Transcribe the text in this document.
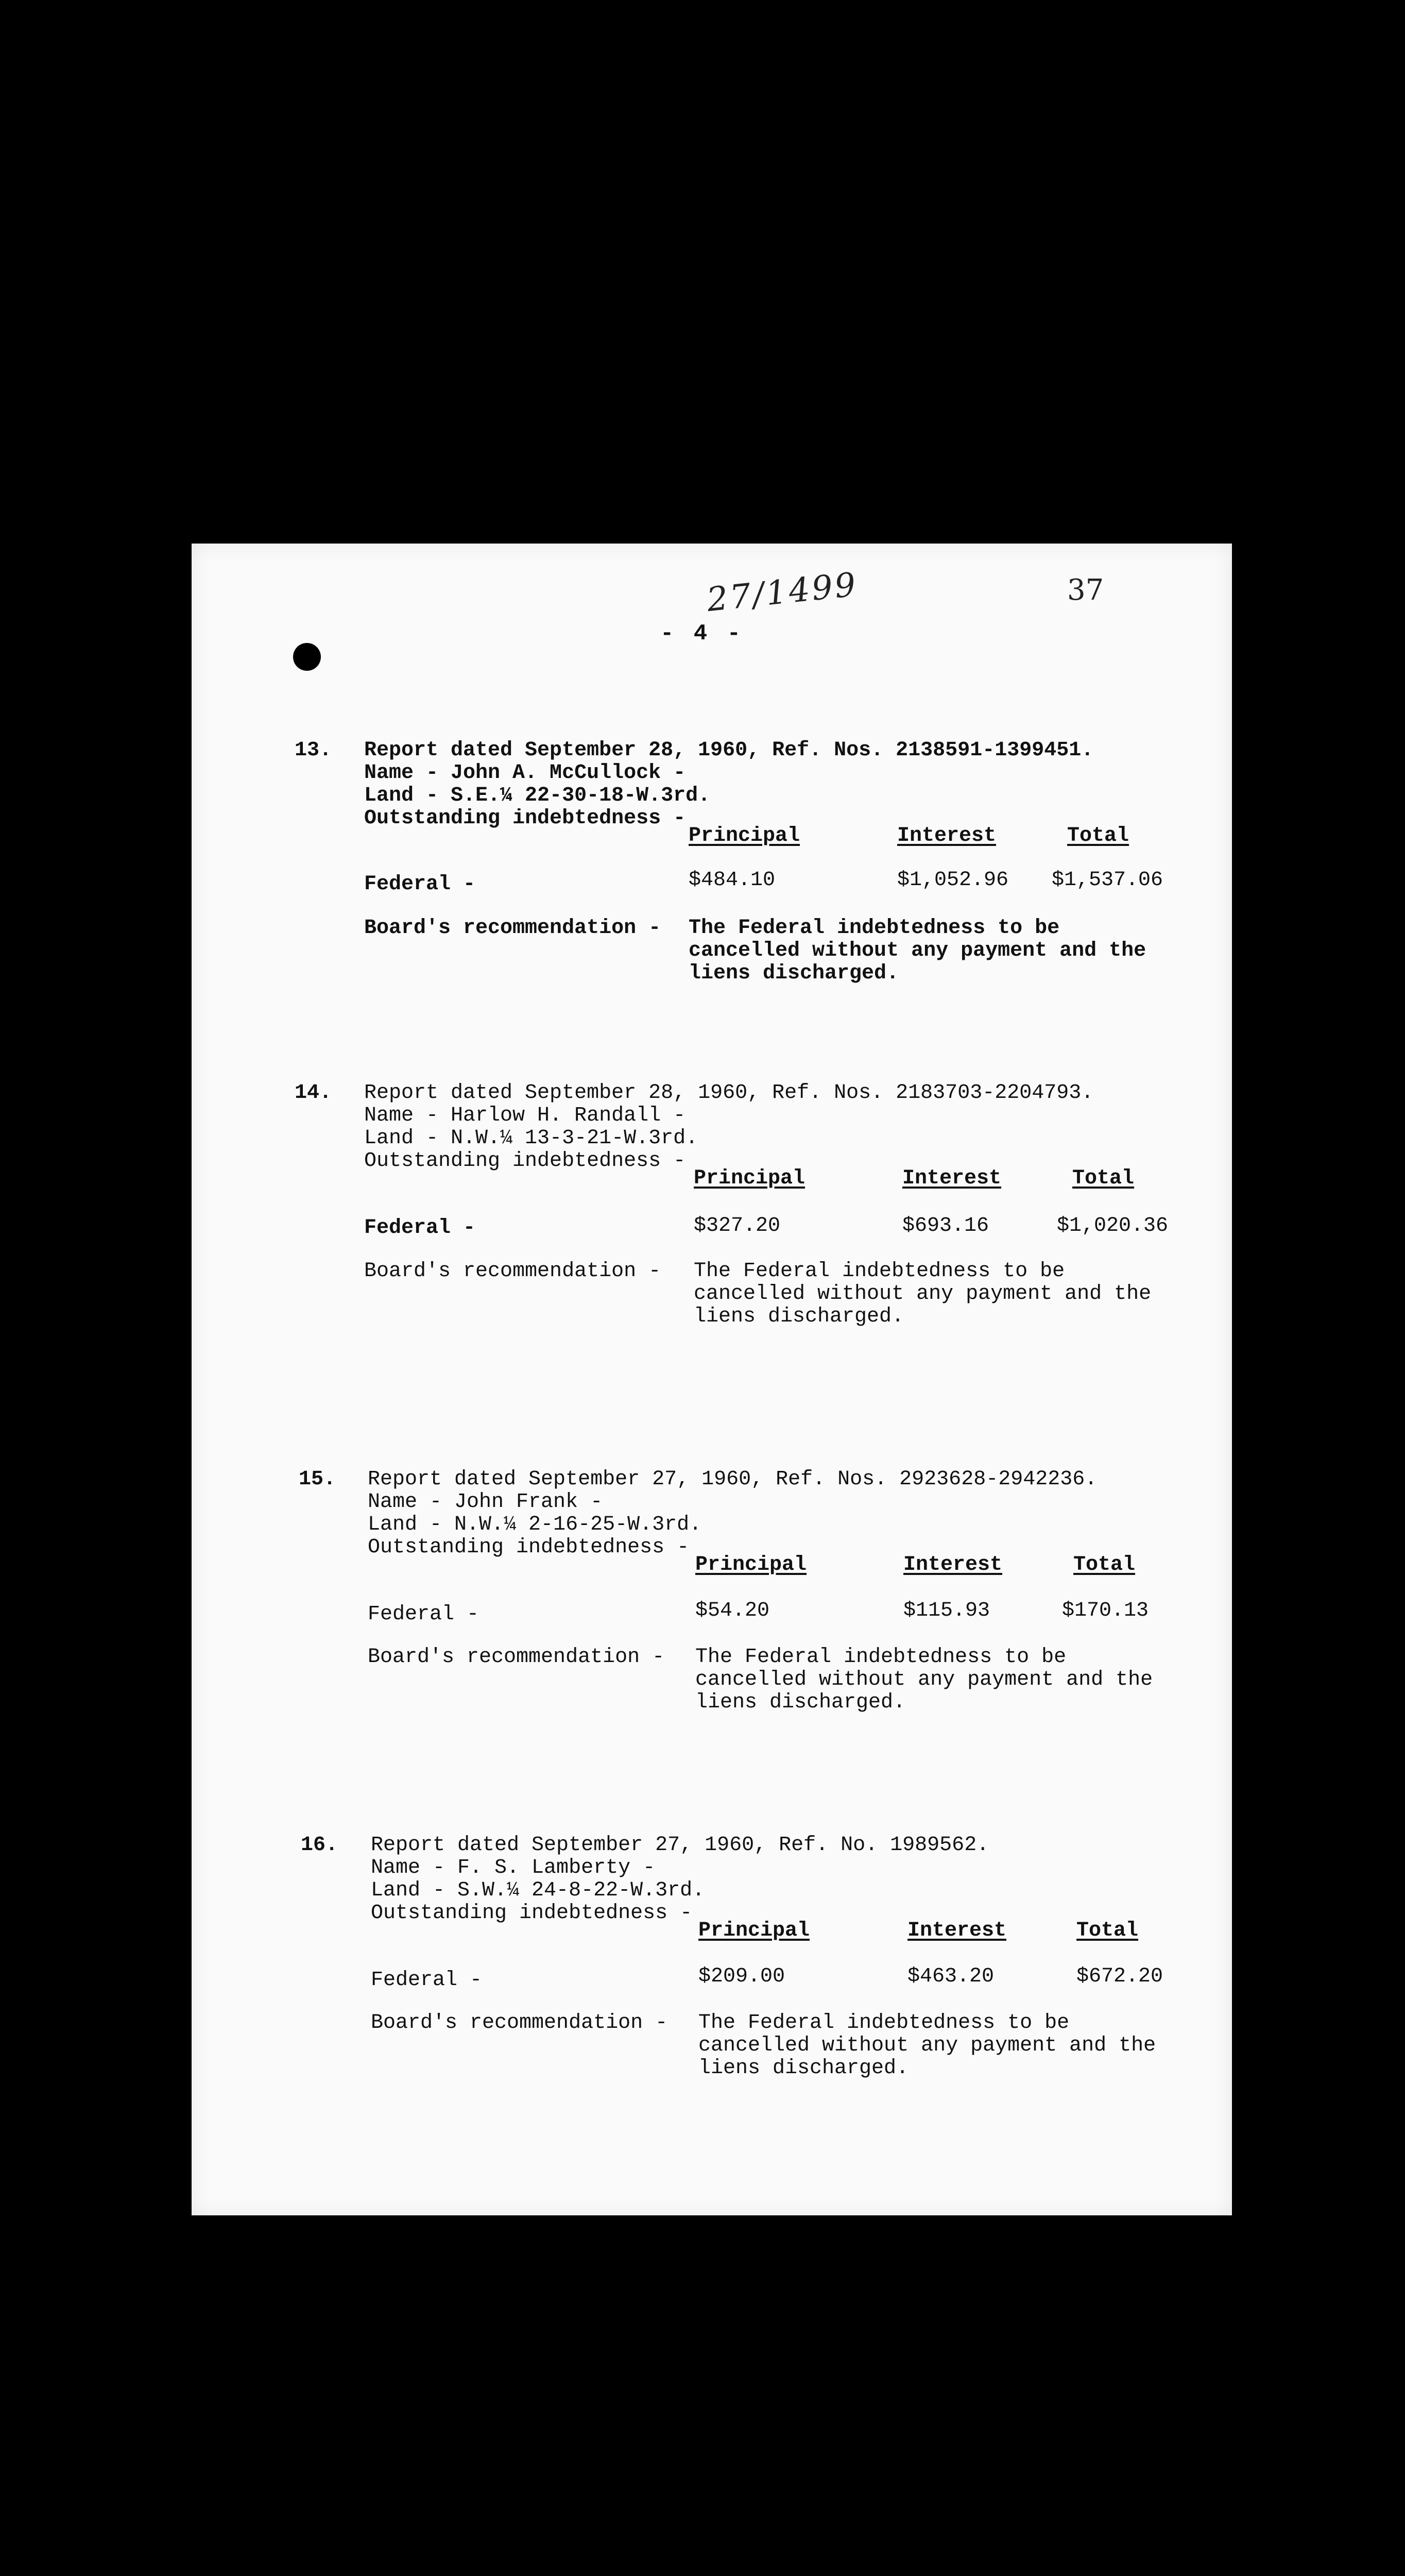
27/1499	37
- 4 -
13. Report dated September 28, 1960, Ref. Nos. 2138591-1399451.
Name - John A. McCullock -
Land - S.E.¼ 22-30-18-W.3rd.
Outstanding indebtedness -
Principal	Interest	Total
Federal -	$484.10	$1,052.96 $1,537.06
Board's recommendation - The Federal indebtedness to be
cancelled without any payment and the
liens discharged.
14. Report dated September 28, 1960, Ref. Nos. 2183703-2204793.
Name - Harlow H. Randall -
Land - N.W.¼ 13-3-21-W.3rd.
Outstanding indebtedness -
Principal	Interest	Total
Federal -	$327.20	$693.16	$1,020.36
Board's recommendation - The Federal indebtedness to be
cancelled without any payment and the
liens discharged.
15. Report dated September 27, 1960, Ref. Nos. 2923628-2942236.
Name - John Frank -
Land - N.W.¼ 2-16-25-W.3rd.
Outstanding indebtedness -
Principal	Interest	Total
Federal -	$54.20	$115.93	$170.13
Board's recommendation - The Federal indebtedness to be
cancelled without any payment and the
liens discharged.
16. Report dated September 27, 1960, Ref. No. 1989562.
Name - F. S. Lamberty -
Land - S.W.¼ 24-8-22-W.3rd.
Outstanding indebtedness -
Principal	Interest	Total
Federal -	$209.00	$463.20	$672.20
Board's recommendation - The Federal indebtedness to be
cancelled without any payment and the
liens discharged.
